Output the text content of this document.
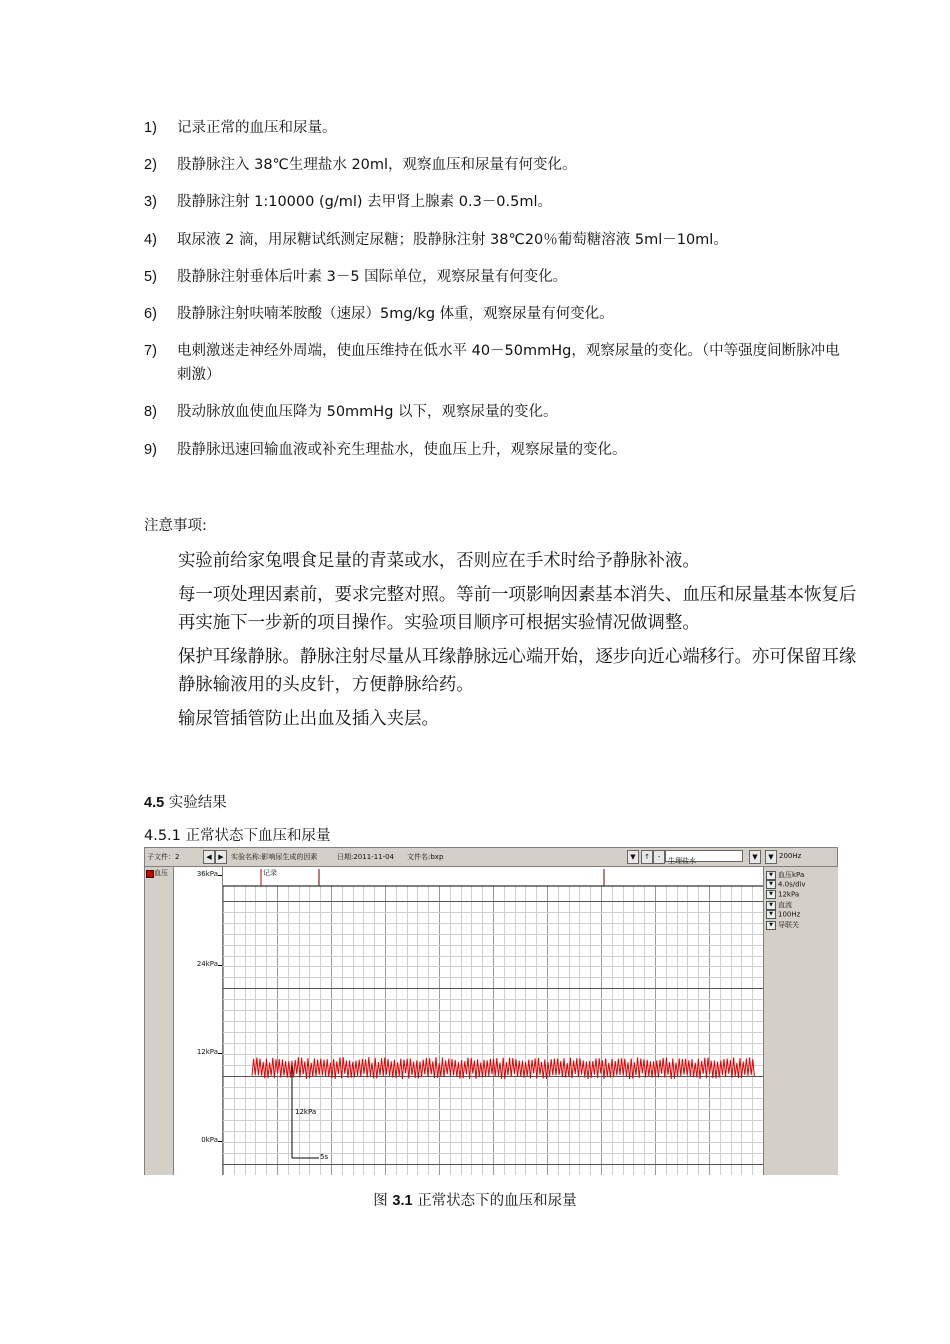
1)	记录正常的血压和尿量。
2)	股静脉注入 38℃生理盐水 20ml，观察血压和尿量有何变化。
3)	股静脉注射 1:10000 (g/ml) 去甲肾上腺素 0.3－0.5ml。
4)	取尿液 2 滴，用尿糖试纸测定尿糖；股静脉注射 38℃20％葡萄糖溶液 5ml－10ml。
5)	股静脉注射垂体后叶素 3－5 国际单位，观察尿量有何变化。
6)	股静脉注射呋喃苯胺酸（速尿）5mg/kg 体重，观察尿量有何变化。
7)	电刺激迷走神经外周端，使血压维持在低水平 40－50mmHg，观察尿量的变化。（中等强度间断脉冲电刺激）
8)	股动脉放血使血压降为 50mmHg 以下，观察尿量的变化。
9)	股静脉迅速回输血液或补充生理盐水，使血压上升，观察尿量的变化。
注意事项:
实验前给家兔喂食足量的青菜或水，否则应在手术时给予静脉补液。
每一项处理因素前，要求完整对照。等前一项影响因素基本消失、血压和尿量基本恢复后再实施下一步新的项目操作。实验项目顺序可根据实验情况做调整。
保护耳缘静脉。静脉注射尽量从耳缘静脉远心端开始，逐步向近心端移行。亦可保留耳缘静脉输液用的头皮针，方便静脉给药。
输尿管插管防止出血及插入夹层。
4.5 实验结果
4.5.1 正常状态下血压和尿量
子文件：2	◀ ▶	实验名称:影响尿生成的因素	日期:2011-11-04 文件名:bxp	▼	↑	-	生理盐水	▼	▼ 200Hz
血压	36kPa
24kPa
12kPa
0kPa
记录
12kPa
5s
▼ 血压kPa
▼ 4.0s/div
▼ 12kPa
▼ 直流
▼ 100Hz
▼ 导联关
图 3.1 正常状态下的血压和尿量
